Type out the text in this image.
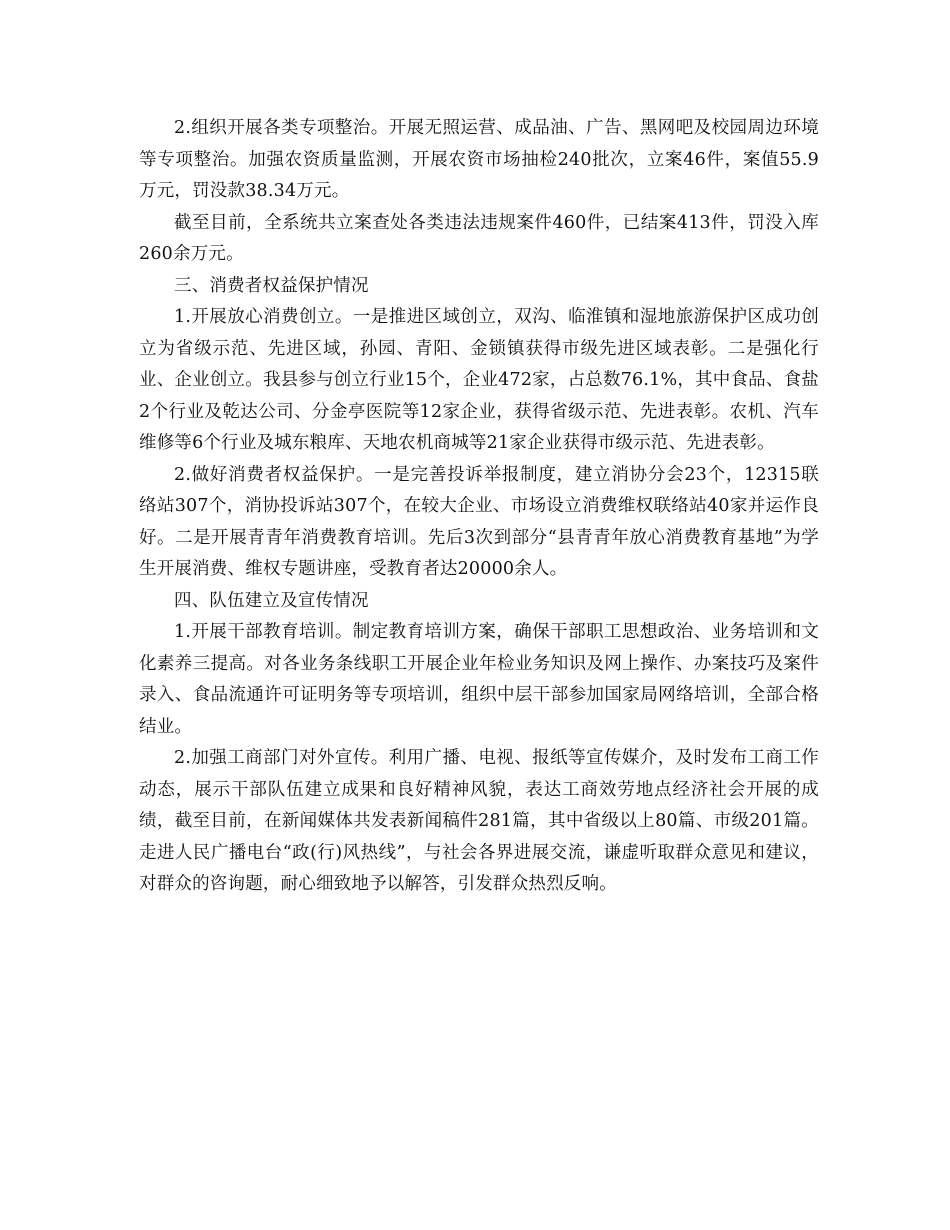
2.组织开展各类专项整治。开展无照运营、成品油、广告、黑网吧及校园周边环境等专项整治。加强农资质量监测，开展农资市场抽检240批次，立案46件，案值55.9万元，罚没款38.34万元。

截至目前，全系统共立案查处各类违法违规案件460件，已结案413件，罚没入库260余万元。

三、消费者权益保护情况

1.开展放心消费创立。一是推进区域创立，双沟、临淮镇和湿地旅游保护区成功创立为省级示范、先进区域，孙园、青阳、金锁镇获得市级先进区域表彰。二是强化行业、企业创立。我县参与创立行业15个，企业472家，占总数76.1%，其中食品、食盐2个行业及乾达公司、分金亭医院等12家企业，获得省级示范、先进表彰。农机、汽车维修等6个行业及城东粮库、天地农机商城等21家企业获得市级示范、先进表彰。

2.做好消费者权益保护。一是完善投诉举报制度，建立消协分会23个，12315联络站307个，消协投诉站307个，在较大企业、市场设立消费维权联络站40家并运作良好。二是开展青青年消费教育培训。先后3次到部分“县青青年放心消费教育基地”为学生开展消费、维权专题讲座，受教育者达20000余人。

四、队伍建立及宣传情况

1.开展干部教育培训。制定教育培训方案，确保干部职工思想政治、业务培训和文化素养三提高。对各业务条线职工开展企业年检业务知识及网上操作、办案技巧及案件录入、食品流通许可证明务等专项培训，组织中层干部参加国家局网络培训，全部合格结业。

2.加强工商部门对外宣传。利用广播、电视、报纸等宣传媒介，及时发布工商工作动态，展示干部队伍建立成果和良好精神风貌，表达工商效劳地点经济社会开展的成绩，截至目前，在新闻媒体共发表新闻稿件281篇，其中省级以上80篇、市级201篇。走进人民广播电台“政(行)风热线”，与社会各界进展交流，谦虚听取群众意见和建议，对群众的咨询题，耐心细致地予以解答，引发群众热烈反响。
